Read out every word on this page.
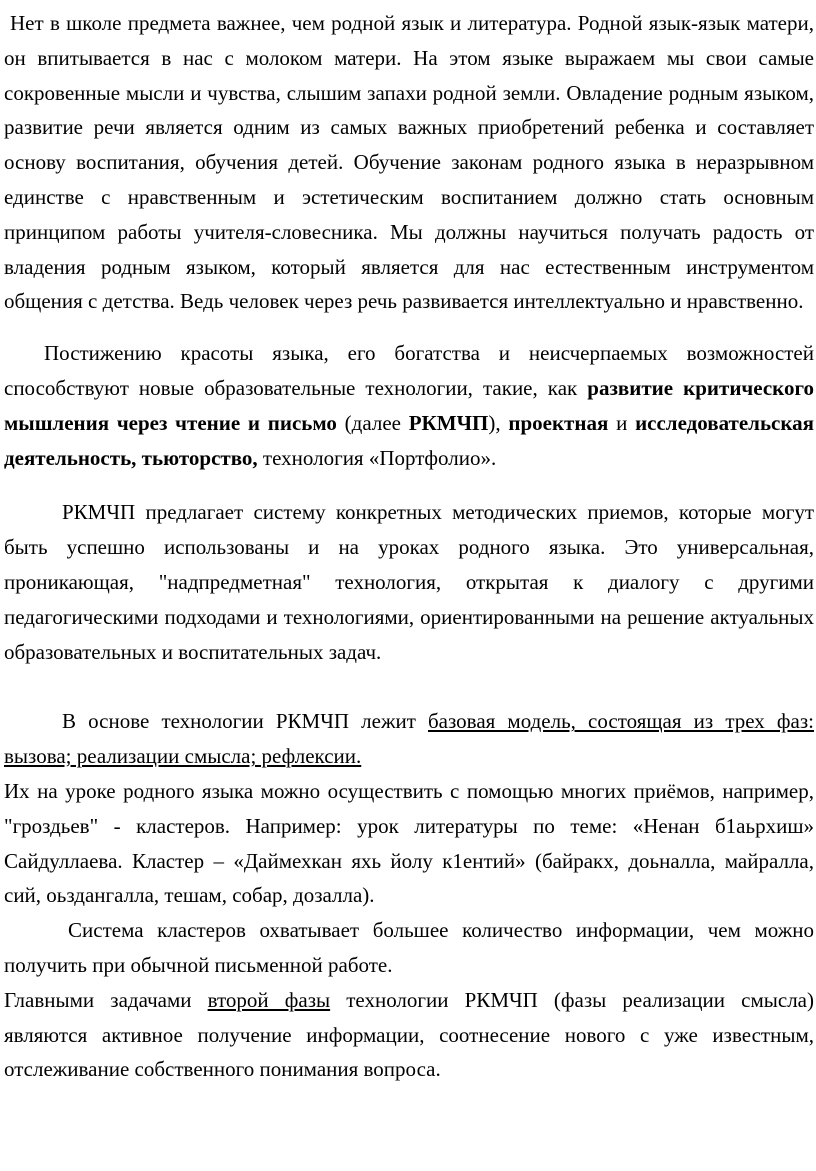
Нет в школе предмета важнее, чем родной язык и литература. Родной язык-язык матери, он впитывается в нас с молоком матери. На этом языке выражаем мы свои самые сокровенные мысли и чувства, слышим запахи родной земли. Овладение родным языком, развитие речи является одним из самых важных приобретений ребенка и составляет основу воспитания, обучения детей. Обучение законам родного языка в неразрывном единстве с нравственным и эстетическим воспитанием должно стать основным принципом работы учителя-словесника. Мы должны научиться получать радость от владения родным языком, который является для нас естественным инструментом общения с детства. Ведь человек через речь развивается интеллектуально и нравственно.

Постижению красоты языка, его богатства и неисчерпаемых возможностей способствуют новые образовательные технологии, такие, как развитие критического мышления через чтение и письмо (далее РКМЧП), проектная и исследовательская деятельность, тьюторство, технология «Портфолио».

РКМЧП предлагает систему конкретных методических приемов, которые могут быть успешно использованы и на уроках родного языка. Это универсальная, проникающая, "надпредметная" технология, открытая к диалогу с другими педагогическими подходами и технологиями, ориентированными на решение актуальных образовательных и воспитательных задач.

В основе технологии РКМЧП лежит базовая модель, состоящая из трех фаз: вызова; реализации смысла; рефлексии.

Их на уроке родного языка можно осуществить с помощью многих приёмов, например, "гроздьев" - кластеров. Например: урок литературы по теме: «Ненан б1аьрхиш» Сайдуллаева. Кластер – «Даймехкан яхь йолу к1ентий» (байракх, доьналла, майралла, сий, оьздангалла, тешам, собар, дозалла).

Система кластеров охватывает большее количество информации, чем можно получить при обычной письменной работе.

Главными задачами второй фазы технологии РКМЧП (фазы реализации смысла) являются активное получение информации, соотнесение нового с уже известным, отслеживание собственного понимания вопроса.
